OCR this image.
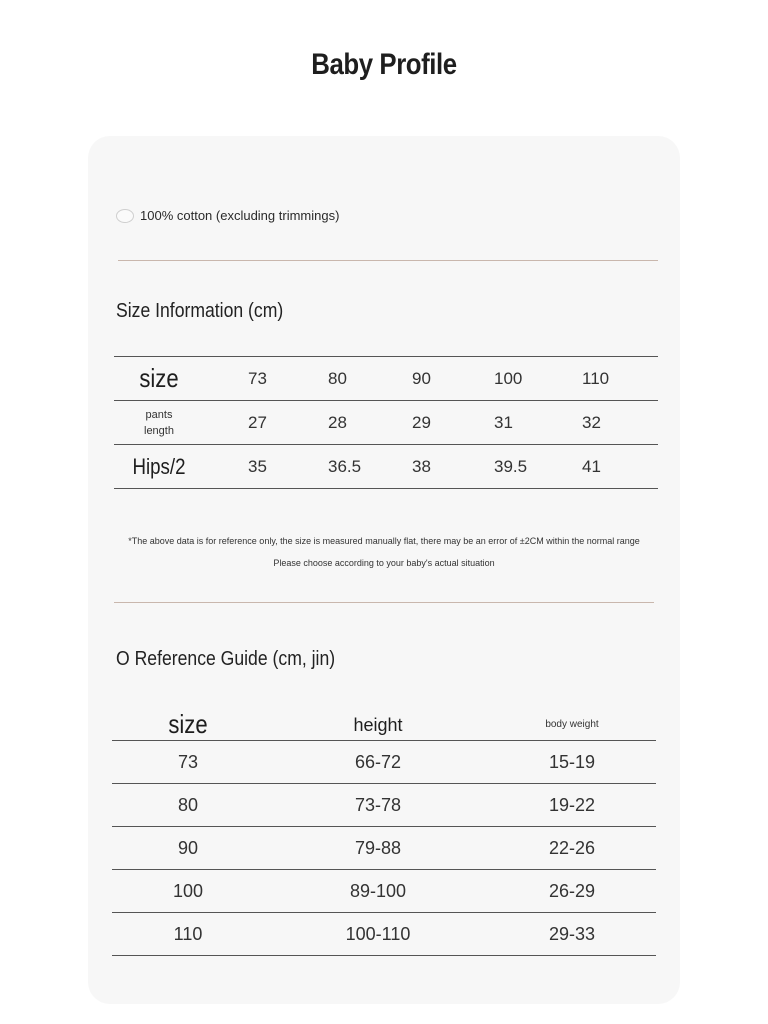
Baby Profile
100% cotton (excluding trimmings)
Size Information (cm)
size	73	80	90	100	110
pants
length	27	28	29	31	32
Hips/2	35	36.5	38	39.5	41
*The above data is for reference only, the size is measured manually flat, there may be an error of ±2CM within the normal range
Please choose according to your baby's actual situation
O Reference Guide (cm, jin)
size	height	body weight
73	66-72	15-19
80	73-78	19-22
90	79-88	22-26
100	89-100	26-29
110	100-110	29-33
